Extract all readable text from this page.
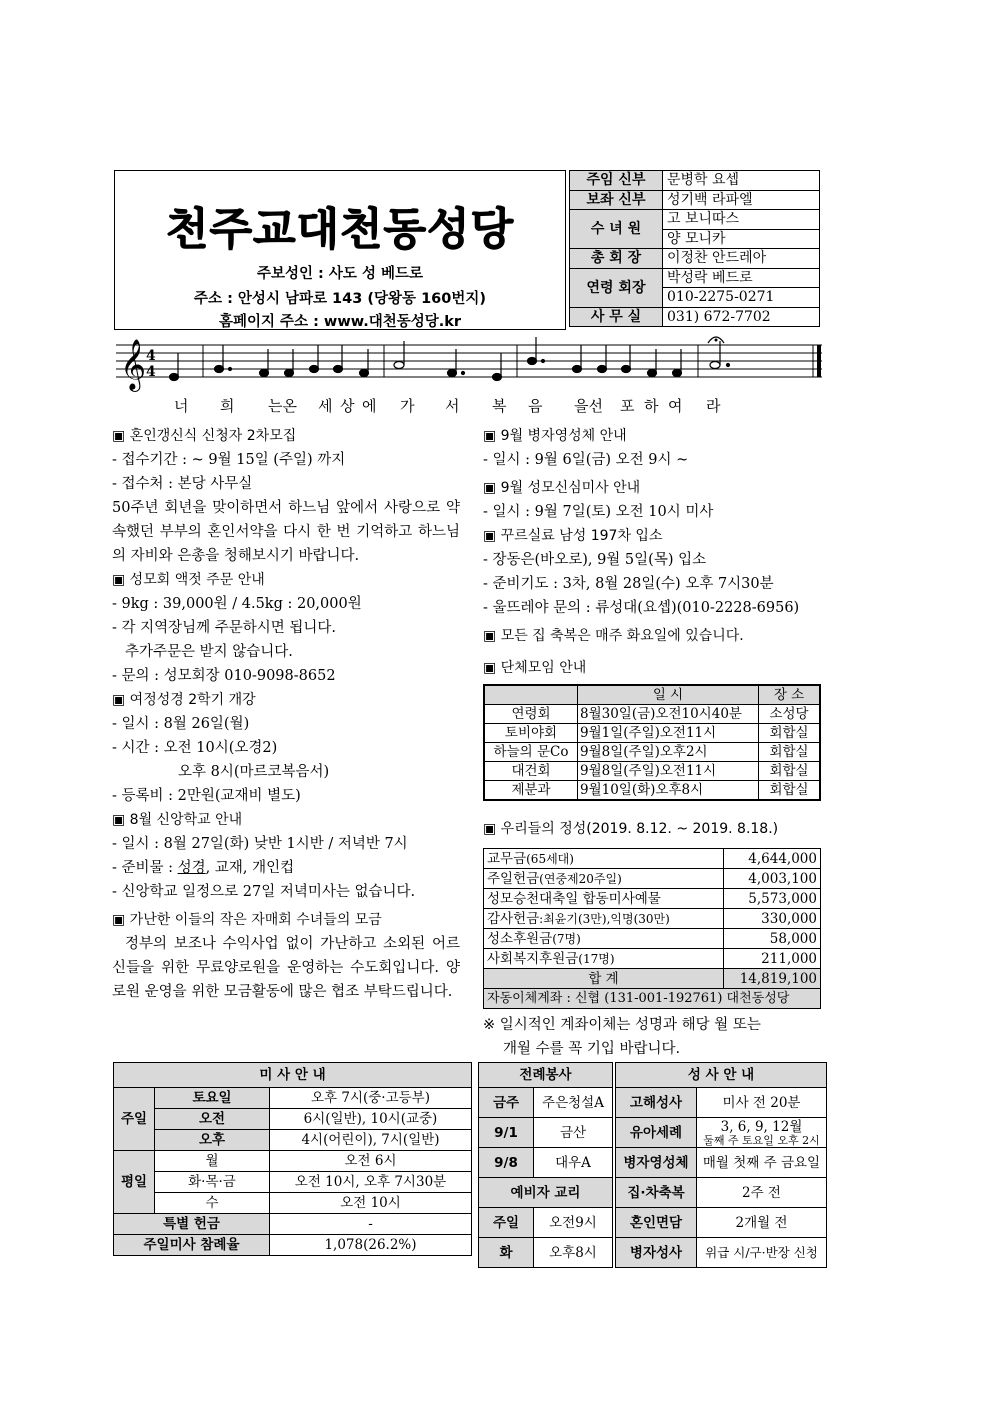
천주교대천동성당
주보성인 : 사도 성 베드로
주소 : 안성시 남파로 143 (당왕동 160번지)
홈페이지 주소 : www.대천동성당.kr
주임 신부	문병학 요셉
보좌 신부	성기백 라파엘
수 녀 원	고 보니따스
	양 모니카
총 회 장	이정찬 안드레아
연령 회장	박성락 베드로
	010-2275-0271
사 무 실	031) 672-7702
𝄞 4
4
너 희 는온 세 상 에 가 서 복 음 을선 포 하 여 라

▣ 혼인갱신식 신청자 2차모집

- 접수기간 : ~ 9월 15일 (주일) 까지

- 접수처 : 본당 사무실

50주년 회년을 맞이하면서 하느님 앞에서 사랑으로 약속했던 부부의 혼인서약을 다시 한 번 기억하고 하느님의 자비와 은총을 청해보시기 바랍니다.

▣ 성모회 액젓 주문 안내

- 9kg : 39,000원 / 4.5kg : 20,000원

- 각 지역장님께 주문하시면 됩니다.

추가주문은 받지 않습니다.

- 문의 : 성모회장 010-9098-8652

▣ 여정성경 2학기 개강

- 일시 : 8월 26일(월)

- 시간 : 오전 10시(오경2)

오후 8시(마르코복음서)

- 등록비 : 2만원(교재비 별도)

▣ 8월 신앙학교 안내

- 일시 : 8월 27일(화) 낮반 1시반 / 저녁반 7시

- 준비물 : 성경, 교재, 개인컵

- 신앙학교 일정으로 27일 저녁미사는 없습니다.

▣ 가난한 이들의 작은 자매회 수녀들의 모금

정부의 보조나 수익사업 없이 가난하고 소외된 어르신들을 위한 무료양로원을 운영하는 수도회입니다. 양로원 운영을 위한 모금활동에 많은 협조 부탁드립니다.

▣ 9월 병자영성체 안내

- 일시 : 9월 6일(금) 오전 9시 ~

▣ 9월 성모신심미사 안내

- 일시 : 9월 7일(토) 오전 10시 미사

▣ 꾸르실료 남성 197차 입소

- 장동은(바오로), 9월 5일(목) 입소

- 준비기도 : 3차, 8월 28일(수) 오후 7시30분

- 울뜨레야 문의 : 류성대(요셉)(010-2228-6956)

▣ 모든 집 축복은 매주 화요일에 있습니다.

▣ 단체모임 안내

	일 시	장 소
연령회	8월30일(금)오전10시40분	소성당
토비야회	9월1일(주일)오전11시	회합실
하늘의 문Co	9월8일(주일)오후2시	회합실
대건회	9월8일(주일)오전11시	회합실
제분과	9월10일(화)오후8시	회합실

▣ 우리들의 정성(2019. 8.12. ~ 2019. 8.18.)

교무금(65세대)	4,644,000
주일헌금(연중제20주일)	4,003,100
성모승천대축일 합동미사예물	5,573,000
감사헌금:최윤기(3만),익명(30만)	330,000
성소후원금(7명)	58,000
사회복지후원금(17명)	211,000
합 계	14,819,100
자동이체계좌 : 신협 (131-001-192761) 대천동성당	
※ 일시적인 계좌이체는 성명과 해당 월 또는
개월 수를 꼭 기입 바랍니다.
미 사 안 내		
주일	토요일	오후 7시(중·고등부)
	오전	6시(일반), 10시(교중)
	오후	4시(어린이), 7시(일반)
평일	월	오전 6시
	화·목·금	오전 10시, 오후 7시30분
	수	오전 10시
특별 헌금		-
주일미사 참례율		1,078(26.2%)
전례봉사	
금주	주은청설A
9/1	금산
9/8	대우A
예비자 교리	
주일	오전9시
화	오후8시
성 사 안 내	
고해성사	미사 전 20분
유아세례	3, 6, 9, 12월
둘째 주 토요일 오후 2시

병자영성체	매월 첫째 주 금요일
집·차축복	2주 전
혼인면담	2개월 전
병자성사	위급 시/구·반장 신청
